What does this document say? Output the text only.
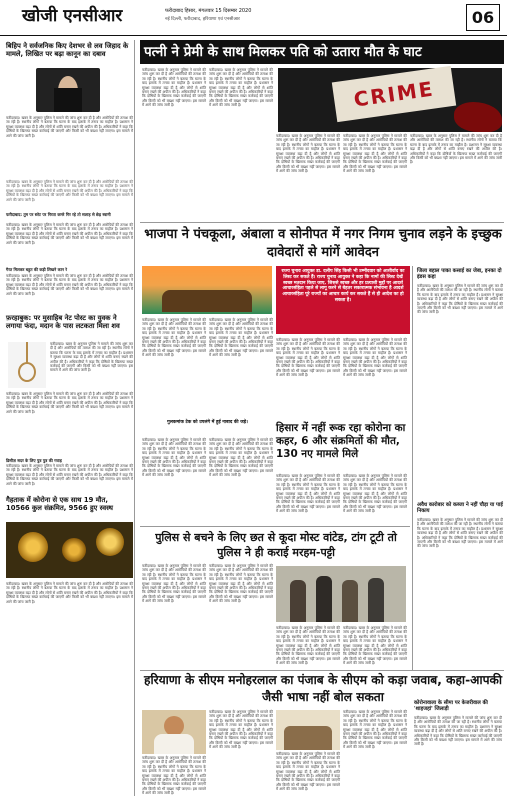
खोजी एनसीआर	फरीदाबाद हिसार, मंगलवार 15 दिसम्बर 2020
नई दिल्ली, फरीदाबाद, हरियाणा एवं एनसीआर	06
बिहिप ने सर्वजनिक किए देशभर से लव जिहाद के मामले, लिखित पर बढ़ा कानून का दबाव
फरीदाबाद। खबर के अनुसार पुलिस ने मामले की जांच शुरू कर दी है और आरोपियों की तलाश की जा रही है। स्थानीय लोगों ने बताया कि घटना के बाद इलाके में तनाव का माहौल है। प्रशासन ने सुरक्षा व्यवस्था बढ़ा दी है और लोगों से शांति बनाए रखने की अपील की है। अधिकारियों ने कहा कि दोषियों के खिलाफ सख्त कार्रवाई की जाएगी और किसी को भी बख्शा नहीं जाएगा। इस मामले में आगे की जांच जारी है।
फरीदाबाद। खबर के अनुसार पुलिस ने मामले की जांच शुरू कर दी है और आरोपियों की तलाश की जा रही है। स्थानीय लोगों ने बताया कि घटना के बाद इलाके में तनाव का माहौल है। प्रशासन ने सुरक्षा व्यवस्था बढ़ा दी है और लोगों से शांति बनाए रखने की अपील की है। अधिकारियों ने कहा कि दोषियों के खिलाफ सख्त कार्रवाई की जाएगी और किसी को भी बख्शा नहीं जाएगा। इस मामले में आगे की जांच जारी है।
फरीदाबाद: तुम पर स्लेट पर गिरता कमरे गिर रहे तो सलाह से छेड़ स्वामी
फरीदाबाद। खबर के अनुसार पुलिस ने मामले की जांच शुरू कर दी है और आरोपियों की तलाश की जा रही है। स्थानीय लोगों ने बताया कि घटना के बाद इलाके में तनाव का माहौल है। प्रशासन ने सुरक्षा व्यवस्था बढ़ा दी है और लोगों से शांति बनाए रखने की अपील की है। अधिकारियों ने कहा कि दोषियों के खिलाफ सख्त कार्रवाई की जाएगी और किसी को भी बख्शा नहीं जाएगा। इस मामले में आगे की जांच जारी है।
गैरत मिलकर बहुत की कड़ी लिखने कान रे
फरीदाबाद। खबर के अनुसार पुलिस ने मामले की जांच शुरू कर दी है और आरोपियों की तलाश की जा रही है। स्थानीय लोगों ने बताया कि घटना के बाद इलाके में तनाव का माहौल है। प्रशासन ने सुरक्षा व्यवस्था बढ़ा दी है और लोगों से शांति बनाए रखने की अपील की है। अधिकारियों ने कहा कि दोषियों के खिलाफ सख्त कार्रवाई की जाएगी और किसी को भी बख्शा नहीं जाएगा। इस मामले में आगे की जांच जारी है।
फ़रहाबुक: पर मुसाहिब नेट पोस्ट का युवक ने लगाया फंदा, मदान के पास लटकता मिला शव
फरीदाबाद। खबर के अनुसार पुलिस ने मामले की जांच शुरू कर दी है और आरोपियों की तलाश की जा रही है। स्थानीय लोगों ने बताया कि घटना के बाद इलाके में तनाव का माहौल है। प्रशासन ने सुरक्षा व्यवस्था बढ़ा दी है और लोगों से शांति बनाए रखने की अपील की है। अधिकारियों ने कहा कि दोषियों के खिलाफ सख्त कार्रवाई की जाएगी और किसी को भी बख्शा नहीं जाएगा। इस मामले में आगे की जांच जारी है।
फरीदाबाद। खबर के अनुसार पुलिस ने मामले की जांच शुरू कर दी है और आरोपियों की तलाश की जा रही है। स्थानीय लोगों ने बताया कि घटना के बाद इलाके में तनाव का माहौल है। प्रशासन ने सुरक्षा व्यवस्था बढ़ा दी है और लोगों से शांति बनाए रखने की अपील की है। अधिकारियों ने कहा कि दोषियों के खिलाफ सख्त कार्रवाई की जाएगी और किसी को भी बख्शा नहीं जाएगा। इस मामले में आगे की जांच जारी है।
डिसीज़ सदर के लिए पुत्र पुत्र की गवाह
फरीदाबाद। खबर के अनुसार पुलिस ने मामले की जांच शुरू कर दी है और आरोपियों की तलाश की जा रही है। स्थानीय लोगों ने बताया कि घटना के बाद इलाके में तनाव का माहौल है। प्रशासन ने सुरक्षा व्यवस्था बढ़ा दी है और लोगों से शांति बनाए रखने की अपील की है। अधिकारियों ने कहा कि दोषियों के खिलाफ सख्त कार्रवाई की जाएगी और किसी को भी बख्शा नहीं जाएगा। इस मामले में आगे की जांच जारी है।
गैहताक में कोरोना से एक साथ 19 मौत, 10566 कुल संक्रमित, 9566 हुए स्वस्थ
फरीदाबाद। खबर के अनुसार पुलिस ने मामले की जांच शुरू कर दी है और आरोपियों की तलाश की जा रही है। स्थानीय लोगों ने बताया कि घटना के बाद इलाके में तनाव का माहौल है। प्रशासन ने सुरक्षा व्यवस्था बढ़ा दी है और लोगों से शांति बनाए रखने की अपील की है। अधिकारियों ने कहा कि दोषियों के खिलाफ सख्त कार्रवाई की जाएगी और किसी को भी बख्शा नहीं जाएगा। इस मामले में आगे की जांच जारी है।
पत्नी ने प्रेमी के साथ मिलकर पति को उतारा मौत के घाट
फरीदाबाद। खबर के अनुसार पुलिस ने मामले की जांच शुरू कर दी है और आरोपियों की तलाश की जा रही है। स्थानीय लोगों ने बताया कि घटना के बाद इलाके में तनाव का माहौल है। प्रशासन ने सुरक्षा व्यवस्था बढ़ा दी है और लोगों से शांति बनाए रखने की अपील की है। अधिकारियों ने कहा कि दोषियों के खिलाफ सख्त कार्रवाई की जाएगी और किसी को भी बख्शा नहीं जाएगा। इस मामले में आगे की जांच जारी है।
फरीदाबाद। खबर के अनुसार पुलिस ने मामले की जांच शुरू कर दी है और आरोपियों की तलाश की जा रही है। स्थानीय लोगों ने बताया कि घटना के बाद इलाके में तनाव का माहौल है। प्रशासन ने सुरक्षा व्यवस्था बढ़ा दी है और लोगों से शांति बनाए रखने की अपील की है। अधिकारियों ने कहा कि दोषियों के खिलाफ सख्त कार्रवाई की जाएगी और किसी को भी बख्शा नहीं जाएगा। इस मामले में आगे की जांच जारी है।
फरीदाबाद। खबर के अनुसार पुलिस ने मामले की जांच शुरू कर दी है और आरोपियों की तलाश की जा रही है। स्थानीय लोगों ने बताया कि घटना के बाद इलाके में तनाव का माहौल है। प्रशासन ने सुरक्षा व्यवस्था बढ़ा दी है और लोगों से शांति बनाए रखने की अपील की है। अधिकारियों ने कहा कि दोषियों के खिलाफ सख्त कार्रवाई की जाएगी और किसी को भी बख्शा नहीं जाएगा। इस मामले में आगे की जांच जारी है।
फरीदाबाद। खबर के अनुसार पुलिस ने मामले की जांच शुरू कर दी है और आरोपियों की तलाश की जा रही है। स्थानीय लोगों ने बताया कि घटना के बाद इलाके में तनाव का माहौल है। प्रशासन ने सुरक्षा व्यवस्था बढ़ा दी है और लोगों से शांति बनाए रखने की अपील की है। अधिकारियों ने कहा कि दोषियों के खिलाफ सख्त कार्रवाई की जाएगी और किसी को भी बख्शा नहीं जाएगा। इस मामले में आगे की जांच जारी है।
फरीदाबाद। खबर के अनुसार पुलिस ने मामले की जांच शुरू कर दी है और आरोपियों की तलाश की जा रही है। स्थानीय लोगों ने बताया कि घटना के बाद इलाके में तनाव का माहौल है। प्रशासन ने सुरक्षा व्यवस्था बढ़ा दी है और लोगों से शांति बनाए रखने की अपील की है। अधिकारियों ने कहा कि दोषियों के खिलाफ सख्त कार्रवाई की जाएगी और किसी को भी बख्शा नहीं जाएगा। इस मामले में आगे की जांच जारी है।
CRIME
भाजपा ने पंचकूला, अंबाला व सोनीपत में नगर निगम चुनाव लड़ने के इच्छुक दावेदारों से मांगें आवेदन
फरीदाबाद। खबर के अनुसार पुलिस ने मामले की जांच शुरू कर दी है और आरोपियों की तलाश की जा रही है। स्थानीय लोगों ने बताया कि घटना के बाद इलाके में तनाव का माहौल है। प्रशासन ने सुरक्षा व्यवस्था बढ़ा दी है और लोगों से शांति बनाए रखने की अपील की है। अधिकारियों ने कहा कि दोषियों के खिलाफ सख्त कार्रवाई की जाएगी और किसी को भी बख्शा नहीं जाएगा। इस मामले में आगे की जांच जारी है।
फरीदाबाद। खबर के अनुसार पुलिस ने मामले की जांच शुरू कर दी है और आरोपियों की तलाश की जा रही है। स्थानीय लोगों ने बताया कि घटना के बाद इलाके में तनाव का माहौल है। प्रशासन ने सुरक्षा व्यवस्था बढ़ा दी है और लोगों से शांति बनाए रखने की अपील की है। अधिकारियों ने कहा कि दोषियों के खिलाफ सख्त कार्रवाई की जाएगी और किसी को भी बख्शा नहीं जाएगा। इस मामले में आगे की जांच जारी है।
राज्य चुनाव आयुक्त डा. दलीप सिंह किसी भी उम्मीदवार को आशीर्वाद का लिस्ट कर सकते हैं। राज्य चुनाव आयुक्त ने कहा कि नामों की लिस्ट देखें स्वच्छ मतदान किया जाए, जिससे स्वच्छ और हर प्रत्याशी मुद्दों पर आदर्श आचारसंहिता पहले से लागू करने से बेहतर सकारात्मक संभावना है आदर्श आचारसंहिता पूरे राज्यों का आचार कार्य कर सकते हैं से ही आदेश का हो सकता है।
फरीदाबाद। खबर के अनुसार पुलिस ने मामले की जांच शुरू कर दी है और आरोपियों की तलाश की जा रही है। स्थानीय लोगों ने बताया कि घटना के बाद इलाके में तनाव का माहौल है। प्रशासन ने सुरक्षा व्यवस्था बढ़ा दी है और लोगों से शांति बनाए रखने की अपील की है। अधिकारियों ने कहा कि दोषियों के खिलाफ सख्त कार्रवाई की जाएगी और किसी को भी बख्शा नहीं जाएगा। इस मामले में आगे की जांच जारी है।
फरीदाबाद। खबर के अनुसार पुलिस ने मामले की जांच शुरू कर दी है और आरोपियों की तलाश की जा रही है। स्थानीय लोगों ने बताया कि घटना के बाद इलाके में तनाव का माहौल है। प्रशासन ने सुरक्षा व्यवस्था बढ़ा दी है और लोगों से शांति बनाए रखने की अपील की है। अधिकारियों ने कहा कि दोषियों के खिलाफ सख्त कार्रवाई की जाएगी और किसी को भी बख्शा नहीं जाएगा। इस मामले में आगे की जांच जारी है।
जिला बहाल पाका कसाई का जेबा, इनका दो इंडस कहा
फरीदाबाद। खबर के अनुसार पुलिस ने मामले की जांच शुरू कर दी है और आरोपियों की तलाश की जा रही है। स्थानीय लोगों ने बताया कि घटना के बाद इलाके में तनाव का माहौल है। प्रशासन ने सुरक्षा व्यवस्था बढ़ा दी है और लोगों से शांति बनाए रखने की अपील की है। अधिकारियों ने कहा कि दोषियों के खिलाफ सख्त कार्रवाई की जाएगी और किसी को भी बख्शा नहीं जाएगा। इस मामले में आगे की जांच जारी है।
अवैध कारोबार को कब्जा ने नहीं चौड़ा या पाई निकाय
फरीदाबाद। खबर के अनुसार पुलिस ने मामले की जांच शुरू कर दी है और आरोपियों की तलाश की जा रही है। स्थानीय लोगों ने बताया कि घटना के बाद इलाके में तनाव का माहौल है। प्रशासन ने सुरक्षा व्यवस्था बढ़ा दी है और लोगों से शांति बनाए रखने की अपील की है। अधिकारियों ने कहा कि दोषियों के खिलाफ सख्त कार्रवाई की जाएगी और किसी को भी बख्शा नहीं जाएगा। इस मामले में आगे की जांच जारी है।
गुलकमांक टेक को उपलंगे में हुई नाबाद की जड़े।	हिसार में नहीं रूक रहा कोरोना का कहर, 6 और संक्रमितों की मौत, 130 नए मामले मिले
फरीदाबाद। खबर के अनुसार पुलिस ने मामले की जांच शुरू कर दी है और आरोपियों की तलाश की जा रही है। स्थानीय लोगों ने बताया कि घटना के बाद इलाके में तनाव का माहौल है। प्रशासन ने सुरक्षा व्यवस्था बढ़ा दी है और लोगों से शांति बनाए रखने की अपील की है। अधिकारियों ने कहा कि दोषियों के खिलाफ सख्त कार्रवाई की जाएगी और किसी को भी बख्शा नहीं जाएगा। इस मामले में आगे की जांच जारी है।
फरीदाबाद। खबर के अनुसार पुलिस ने मामले की जांच शुरू कर दी है और आरोपियों की तलाश की जा रही है। स्थानीय लोगों ने बताया कि घटना के बाद इलाके में तनाव का माहौल है। प्रशासन ने सुरक्षा व्यवस्था बढ़ा दी है और लोगों से शांति बनाए रखने की अपील की है। अधिकारियों ने कहा कि दोषियों के खिलाफ सख्त कार्रवाई की जाएगी और किसी को भी बख्शा नहीं जाएगा। इस मामले में आगे की जांच जारी है।	फरीदाबाद। खबर के अनुसार पुलिस ने मामले की जांच शुरू कर दी है और आरोपियों की तलाश की जा रही है। स्थानीय लोगों ने बताया कि घटना के बाद इलाके में तनाव का माहौल है। प्रशासन ने सुरक्षा व्यवस्था बढ़ा दी है और लोगों से शांति बनाए रखने की अपील की है। अधिकारियों ने कहा कि दोषियों के खिलाफ सख्त कार्रवाई की जाएगी और किसी को भी बख्शा नहीं जाएगा। इस मामले में आगे की जांच जारी है।
फरीदाबाद। खबर के अनुसार पुलिस ने मामले की जांच शुरू कर दी है और आरोपियों की तलाश की जा रही है। स्थानीय लोगों ने बताया कि घटना के बाद इलाके में तनाव का माहौल है। प्रशासन ने सुरक्षा व्यवस्था बढ़ा दी है और लोगों से शांति बनाए रखने की अपील की है। अधिकारियों ने कहा कि दोषियों के खिलाफ सख्त कार्रवाई की जाएगी और किसी को भी बख्शा नहीं जाएगा। इस मामले में आगे की जांच जारी है।
पुलिस से बचने के लिए छत से कूदा मोस्ट वांटेड, टांग टूटी तो पुलिस ने ही कराई मरहम-पट्टी
फरीदाबाद। खबर के अनुसार पुलिस ने मामले की जांच शुरू कर दी है और आरोपियों की तलाश की जा रही है। स्थानीय लोगों ने बताया कि घटना के बाद इलाके में तनाव का माहौल है। प्रशासन ने सुरक्षा व्यवस्था बढ़ा दी है और लोगों से शांति बनाए रखने की अपील की है। अधिकारियों ने कहा कि दोषियों के खिलाफ सख्त कार्रवाई की जाएगी और किसी को भी बख्शा नहीं जाएगा। इस मामले में आगे की जांच जारी है।
फरीदाबाद। खबर के अनुसार पुलिस ने मामले की जांच शुरू कर दी है और आरोपियों की तलाश की जा रही है। स्थानीय लोगों ने बताया कि घटना के बाद इलाके में तनाव का माहौल है। प्रशासन ने सुरक्षा व्यवस्था बढ़ा दी है और लोगों से शांति बनाए रखने की अपील की है। अधिकारियों ने कहा कि दोषियों के खिलाफ सख्त कार्रवाई की जाएगी और किसी को भी बख्शा नहीं जाएगा। इस मामले में आगे की जांच जारी है।
फरीदाबाद। खबर के अनुसार पुलिस ने मामले की जांच शुरू कर दी है और आरोपियों की तलाश की जा रही है। स्थानीय लोगों ने बताया कि घटना के बाद इलाके में तनाव का माहौल है। प्रशासन ने सुरक्षा व्यवस्था बढ़ा दी है और लोगों से शांति बनाए रखने की अपील की है। अधिकारियों ने कहा कि दोषियों के खिलाफ सख्त कार्रवाई की जाएगी और किसी को भी बख्शा नहीं जाएगा। इस मामले में आगे की जांच जारी है।
फरीदाबाद। खबर के अनुसार पुलिस ने मामले की जांच शुरू कर दी है और आरोपियों की तलाश की जा रही है। स्थानीय लोगों ने बताया कि घटना के बाद इलाके में तनाव का माहौल है। प्रशासन ने सुरक्षा व्यवस्था बढ़ा दी है और लोगों से शांति बनाए रखने की अपील की है। अधिकारियों ने कहा कि दोषियों के खिलाफ सख्त कार्रवाई की जाएगी और किसी को भी बख्शा नहीं जाएगा। इस मामले में आगे की जांच जारी है।
हरियाणा के सीएम मनोहरलाल का पंजाब के सीएम को कड़ा जवाब, कहा-आपकी जैसी भाषा नहीं बोल सकता
फरीदाबाद। खबर के अनुसार पुलिस ने मामले की जांच शुरू कर दी है और आरोपियों की तलाश की जा रही है। स्थानीय लोगों ने बताया कि घटना के बाद इलाके में तनाव का माहौल है। प्रशासन ने सुरक्षा व्यवस्था बढ़ा दी है और लोगों से शांति बनाए रखने की अपील की है। अधिकारियों ने कहा कि दोषियों के खिलाफ सख्त कार्रवाई की जाएगी और किसी को भी बख्शा नहीं जाएगा। इस मामले में आगे की जांच जारी है।
फरीदाबाद। खबर के अनुसार पुलिस ने मामले की जांच शुरू कर दी है और आरोपियों की तलाश की जा रही है। स्थानीय लोगों ने बताया कि घटना के बाद इलाके में तनाव का माहौल है। प्रशासन ने सुरक्षा व्यवस्था बढ़ा दी है और लोगों से शांति बनाए रखने की अपील की है। अधिकारियों ने कहा कि दोषियों के खिलाफ सख्त कार्रवाई की जाएगी और किसी को भी बख्शा नहीं जाएगा। इस मामले में आगे की जांच जारी है।
फरीदाबाद। खबर के अनुसार पुलिस ने मामले की जांच शुरू कर दी है और आरोपियों की तलाश की जा रही है। स्थानीय लोगों ने बताया कि घटना के बाद इलाके में तनाव का माहौल है। प्रशासन ने सुरक्षा व्यवस्था बढ़ा दी है और लोगों से शांति बनाए रखने की अपील की है। अधिकारियों ने कहा कि दोषियों के खिलाफ सख्त कार्रवाई की जाएगी और किसी को भी बख्शा नहीं जाएगा। इस मामले में आगे की जांच जारी है।
फरीदाबाद। खबर के अनुसार पुलिस ने मामले की जांच शुरू कर दी है और आरोपियों की तलाश की जा रही है। स्थानीय लोगों ने बताया कि घटना के बाद इलाके में तनाव का माहौल है। प्रशासन ने सुरक्षा व्यवस्था बढ़ा दी है और लोगों से शांति बनाए रखने की अपील की है। अधिकारियों ने कहा कि दोषियों के खिलाफ सख्त कार्रवाई की जाएगी और किसी को भी बख्शा नहीं जाएगा। इस मामले में आगे की जांच जारी है।
कोरोनावाला के सीमा पर केजरीवाल की 'शाहजहां' जिलाड़ी
फरीदाबाद। खबर के अनुसार पुलिस ने मामले की जांच शुरू कर दी है और आरोपियों की तलाश की जा रही है। स्थानीय लोगों ने बताया कि घटना के बाद इलाके में तनाव का माहौल है। प्रशासन ने सुरक्षा व्यवस्था बढ़ा दी है और लोगों से शांति बनाए रखने की अपील की है। अधिकारियों ने कहा कि दोषियों के खिलाफ सख्त कार्रवाई की जाएगी और किसी को भी बख्शा नहीं जाएगा। इस मामले में आगे की जांच जारी है।
